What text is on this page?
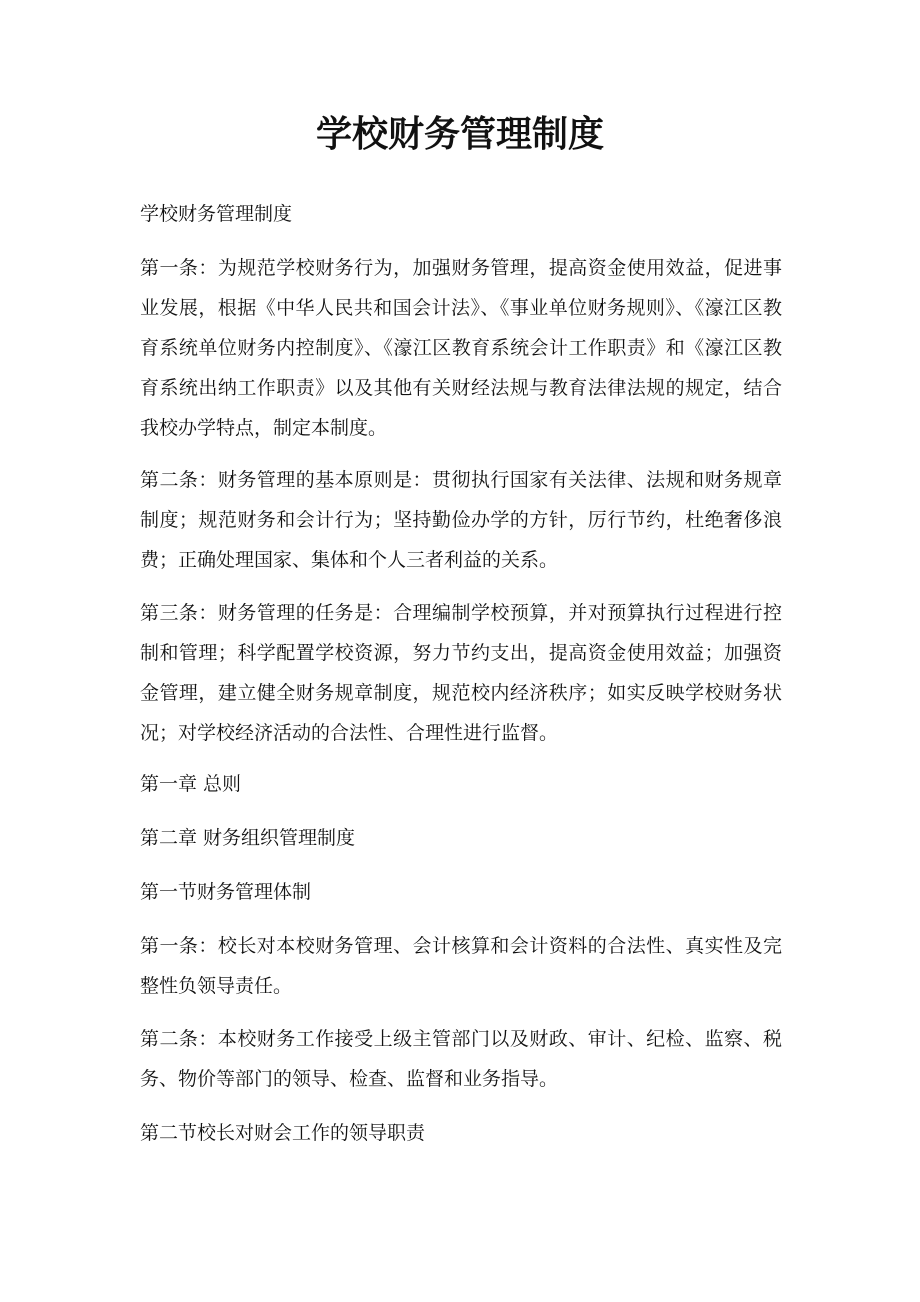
学校财务管理制度

学校财务管理制度

第一条：为规范学校财务行为，加强财务管理，提高资金使用效益，促进事业发展，根据《中华人民共和国会计法》、《事业单位财务规则》、《濠江区教育系统单位财务内控制度》、《濠江区教育系统会计工作职责》和《濠江区教育系统出纳工作职责》以及其他有关财经法规与教育法律法规的规定，结合我校办学特点，制定本制度。

第二条：财务管理的基本原则是：贯彻执行国家有关法律、法规和财务规章制度；规范财务和会计行为；坚持勤俭办学的方针，厉行节约，杜绝奢侈浪费；正确处理国家、集体和个人三者利益的关系。

第三条：财务管理的任务是：合理编制学校预算，并对预算执行过程进行控制和管理；科学配置学校资源，努力节约支出，提高资金使用效益；加强资金管理，建立健全财务规章制度，规范校内经济秩序；如实反映学校财务状况；对学校经济活动的合法性、合理性进行监督。

第一章 总则

第二章 财务组织管理制度

第一节财务管理体制

第一条：校长对本校财务管理、会计核算和会计资料的合法性、真实性及完整性负领导责任。

第二条：本校财务工作接受上级主管部门以及财政、审计、纪检、监察、税务、物价等部门的领导、检查、监督和业务指导。

第二节校长对财会工作的领导职责
